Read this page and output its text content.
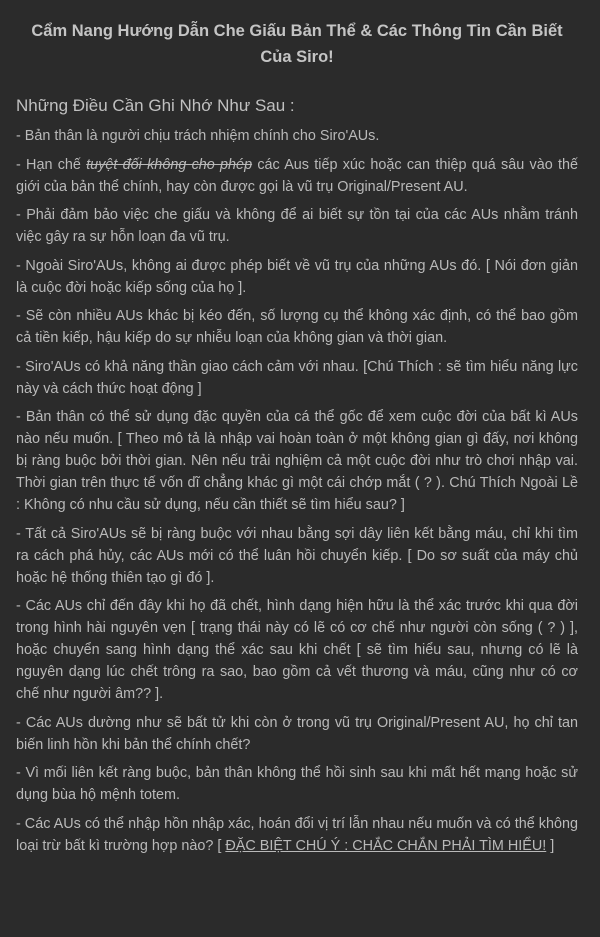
Cẩm Nang Hướng Dẫn Che Giấu Bản Thể & Các Thông Tin Cần Biết Của Siro!
Những Điều Cần Ghi Nhớ Như Sau :
- Bản thân là người chịu trách nhiệm chính cho Siro'AUs.
- Hạn chế tuyệt đối không cho phép các Aus tiếp xúc hoặc can thiệp quá sâu vào thế giới của bản thể chính, hay còn được gọi là vũ trụ Original/Present AU.
- Phải đảm bảo việc che giấu và không để ai biết sự tồn tại của các AUs nhằm tránh việc gây ra sự hỗn loạn đa vũ trụ.
- Ngoài Siro'AUs, không ai được phép biết về vũ trụ của những AUs đó. [ Nói đơn giản là cuộc đời hoặc kiếp sống của họ ].
- Sẽ còn nhiều AUs khác bị kéo đến, số lượng cụ thể không xác định, có thể bao gồm cả tiền kiếp, hậu kiếp do sự nhiễu loạn của không gian và thời gian.
- Siro'AUs có khả năng thần giao cách cảm với nhau. [Chú Thích : sẽ tìm hiểu năng lực này và cách thức hoạt động ]
- Bản thân có thể sử dụng đặc quyền của cá thể gốc để xem cuộc đời của bất kì AUs nào nếu muốn. [ Theo mô tả là nhập vai hoàn toàn ở một không gian gì đấy, nơi không bị ràng buộc bởi thời gian. Nên nếu trải nghiệm cả một cuộc đời như trò chơi nhập vai. Thời gian trên thực tế vốn dĩ chẳng khác gì một cái chớp mắt ( ? ). Chú Thích Ngoài Lề : Không có nhu cầu sử dụng, nếu cần thiết sẽ tìm hiểu sau? ]
- Tất cả Siro'AUs sẽ bị ràng buộc với nhau bằng sợi dây liên kết bằng máu, chỉ khi tìm ra cách phá hủy, các AUs mới có thể luân hồi chuyển kiếp. [ Do sơ suất của máy chủ hoặc hệ thống thiên tạo gì đó ].
- Các AUs chỉ đến đây khi họ đã chết, hình dạng hiện hữu là thể xác trước khi qua đời trong hình hài nguyên vẹn [ trạng thái này có lẽ có cơ chế như người còn sống ( ? ) ], hoặc chuyển sang hình dạng thể xác sau khi chết [ sẽ tìm hiểu sau, nhưng có lẽ là nguyên dạng lúc chết trông ra sao, bao gồm cả vết thương và máu, cũng như có cơ chế như người âm?? ].
- Các AUs dường như sẽ bất tử khi còn ở trong vũ trụ Original/Present AU, họ chỉ tan biến linh hồn khi bản thể chính chết?
- Vì mối liên kết ràng buộc, bản thân không thể hồi sinh sau khi mất hết mạng hoặc sử dụng bùa hộ mệnh totem.
- Các AUs có thể nhập hồn nhập xác, hoán đổi vị trí lẫn nhau nếu muốn và có thể không loại trừ bất kì trường hợp nào? [ ĐẶC BIỆT CHÚ Ý : CHẮC CHẮN PHẢI TÌM HIỂU! ]
